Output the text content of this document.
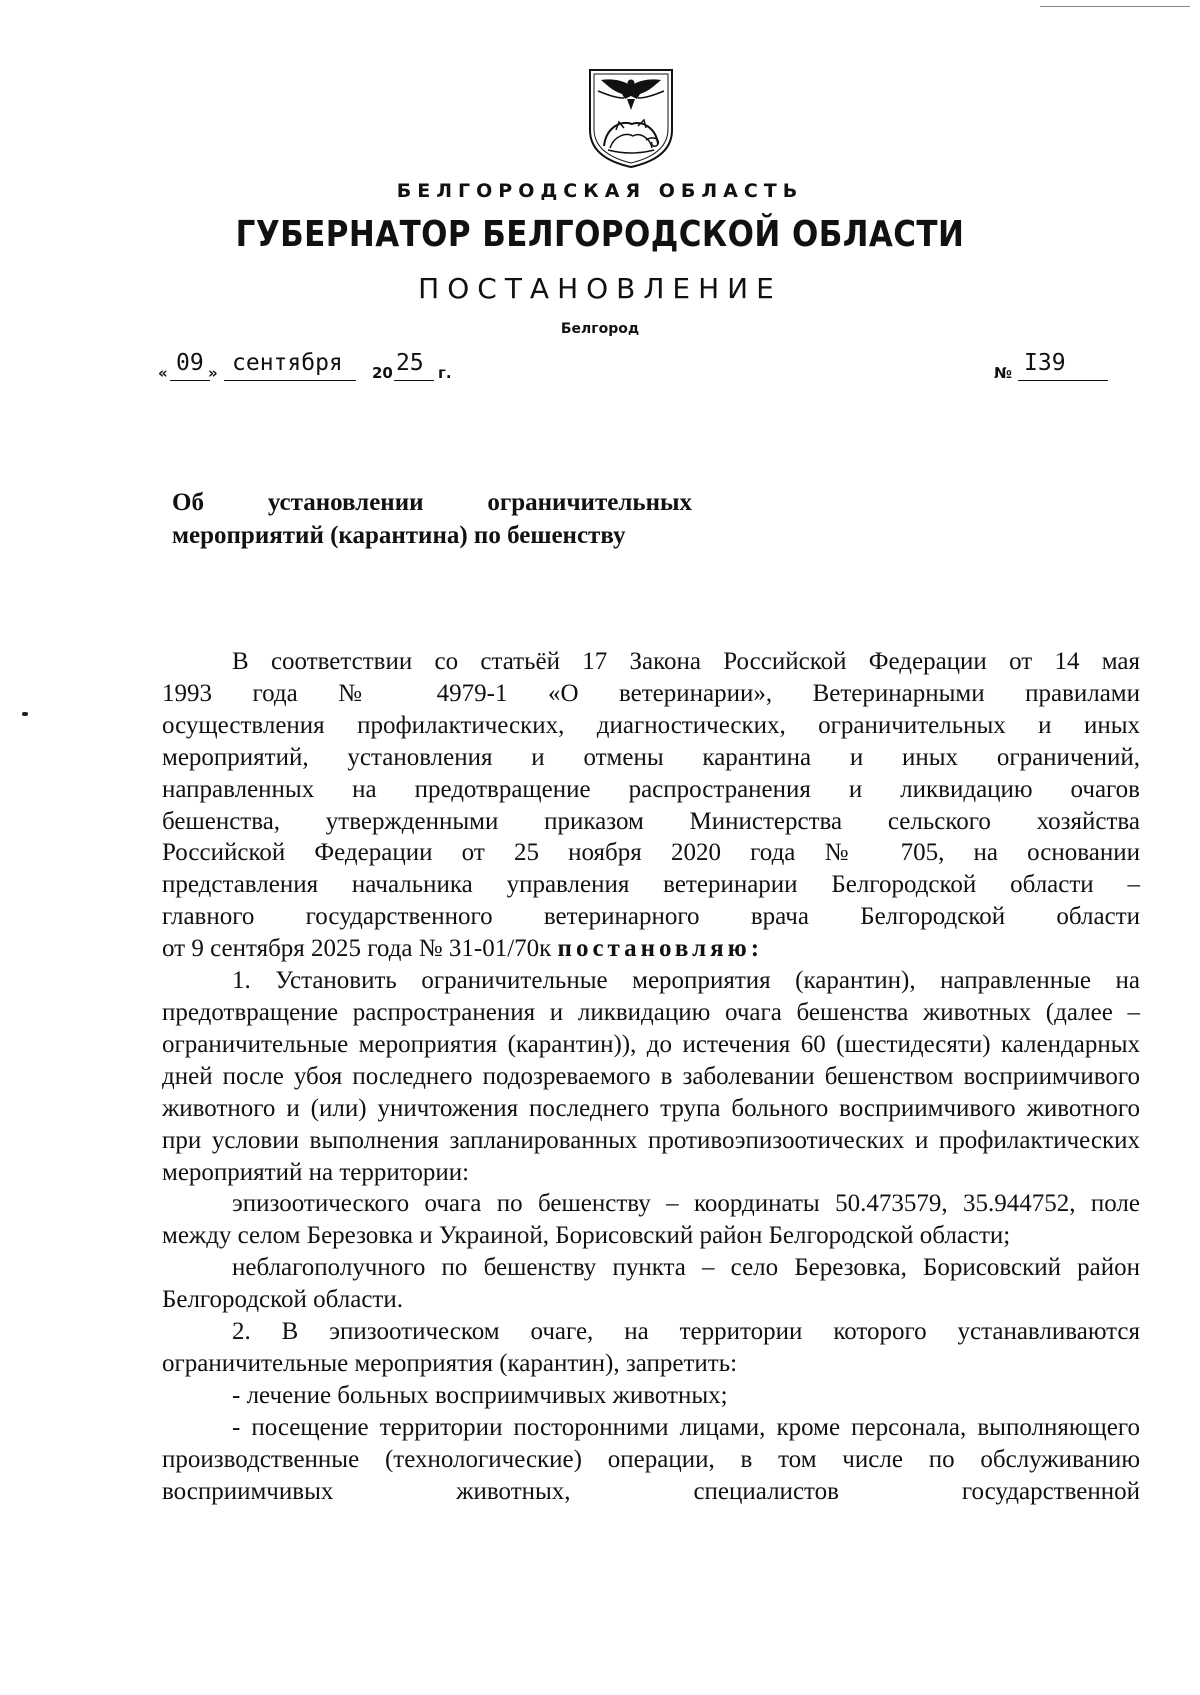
БЕЛГОРОДСКАЯ ОБЛАСТЬ
ГУБЕРНАТОР БЕЛГОРОДСКОЙ ОБЛАСТИ
ПОСТАНОВЛЕНИЕ
Белгород
« 09 » сентября 20 25 г.	№ I39
Об	установлении	ограничительных
мероприятий (карантина) по бешенству

В соответствии со статьёй 17 Закона Российской Федерации от 14 мая

1993 года № 4979-1 «О ветеринарии», Ветеринарными правилами

осуществления профилактических, диагностических, ограничительных и иных

мероприятий, установления и отмены карантина и иных ограничений,

направленных на предотвращение распространения и ликвидацию очагов

бешенства, утвержденными приказом Министерства сельского хозяйства

Российской Федерации от 25 ноября 2020 года № 705, на основании

представления начальника управления ветеринарии Белгородской области –

главного государственного ветеринарного врача Белгородской области

от 9 сентября 2025 года № 31-01/70к постановляю:

1. Установить ограничительные мероприятия (карантин), направленные на предотвращение распространения и ликвидацию очага бешенства животных (далее – ограничительные мероприятия (карантин)), до истечения 60 (шестидесяти) календарных дней после убоя последнего подозреваемого в заболевании бешенством восприимчивого животного и (или) уничтожения последнего трупа больного восприимчивого животного при условии выполнения запланированных противоэпизоотических и профилактических мероприятий на территории:

эпизоотического очага по бешенству – координаты 50.473579, 35.944752, поле между селом Березовка и Украиной, Борисовский район Белгородской области;

неблагополучного по бешенству пункта – село Березовка, Борисовский район Белгородской области.

2. В эпизоотическом очаге, на территории которого устанавливаются ограничительные мероприятия (карантин), запретить:

- лечение больных восприимчивых животных;

- посещение территории посторонними лицами, кроме персонала, выполняющего производственные (технологические) операции, в том числе по обслуживанию восприимчивых животных, специалистов государственной
